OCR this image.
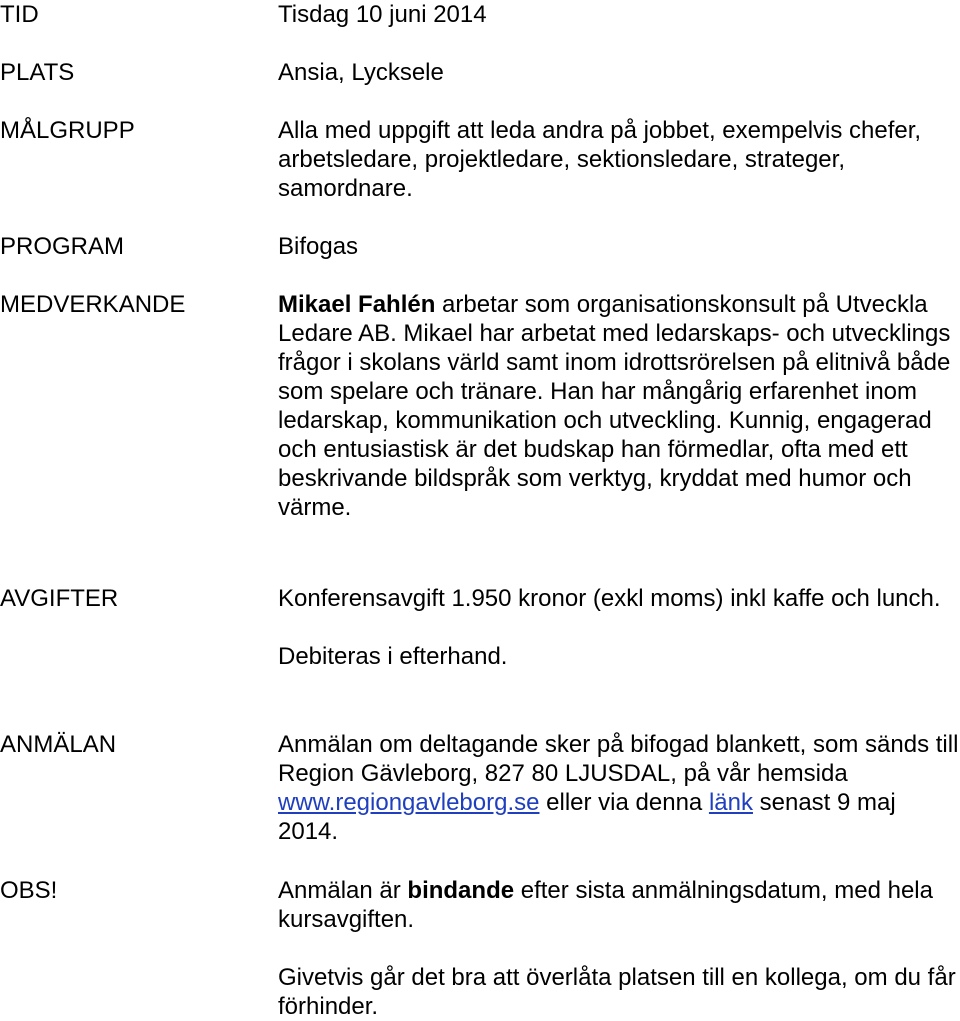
TID	Tisdag 10 juni 2014

PLATS	Ansia, Lycksele

MÅLGRUPP	Alla med uppgift att leda andra på jobbet, exempelvis chefer, arbetsledare, projektledare, sektionsledare, strateger, samordnare.

PROGRAM	Bifogas

MEDVERKANDE	Mikael Fahlén arbetar som organisationskonsult på Utveckla Ledare AB. Mikael har arbetat med ledarskaps- och utvecklings frågor i skolans värld samt inom idrottsrörelsen på elitnivå både som spelare och tränare. Han har mångårig erfarenhet inom ledarskap, kommunikation och utveckling. Kunnig, engagerad och entusiastisk är det budskap han förmedlar, ofta med ett beskrivande bildspråk som verktyg, kryddat med humor och värme.

AVGIFTER	Konferensavgift 1.950 kronor (exkl moms) inkl kaffe och lunch.

Debiteras i efterhand.

ANMÄLAN	Anmälan om deltagande sker på bifogad blankett, som sänds till Region Gävleborg, 827 80 LJUSDAL, på vår hemsida www.regiongavleborg.se eller via denna länk senast 9 maj 2014.

OBS!	Anmälan är bindande efter sista anmälningsdatum, med hela kursavgiften.

Givetvis går det bra att överlåta platsen till en kollega, om du får förhinder.
